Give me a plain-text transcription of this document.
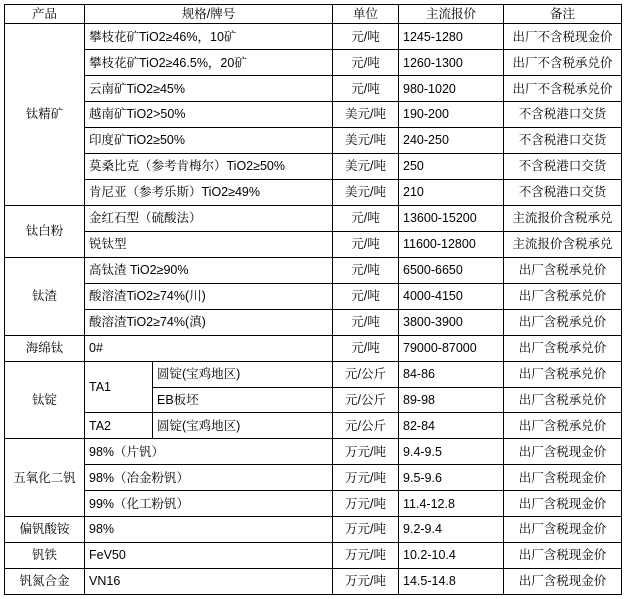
产品	规格/牌号		单位	主流报价	备注
钛精矿	攀枝花矿TiO2≥46%，10矿		元/吨	1245-1280	出厂不含税现金价
	攀枝花矿TiO2≥46.5%，20矿		元/吨	1260-1300	出厂不含税承兑价
	云南矿TiO2≥45%		元/吨	980-1020	出厂不含税承兑价
	越南矿TiO2>50%		美元/吨	190-200	不含税港口交货
	印度矿TiO2≥50%		美元/吨	240-250	不含税港口交货
	莫桑比克（参考肯梅尔）TiO2≥50%		美元/吨	250	不含税港口交货
	肯尼亚（参考乐斯）TiO2≥49%		美元/吨	210	不含税港口交货
钛白粉	金红石型（硫酸法）		元/吨	13600-15200	主流报价含税承兑
	锐钛型		元/吨	11600-12800	主流报价含税承兑
钛渣	高钛渣 TiO2≥90%		元/吨	6500-6650	出厂含税承兑价
	酸溶渣TiO2≥74%(川)		元/吨	4000-4150	出厂含税承兑价
	酸溶渣TiO2≥74%(滇)		元/吨	3800-3900	出厂含税承兑价
海绵钛	0#		元/吨	79000-87000	出厂含税承兑价
钛锭	TA1	圆锭(宝鸡地区)	元/公斤	84-86	出厂含税承兑价
		EB板坯	元/公斤	89-98	出厂含税承兑价
	TA2	圆锭(宝鸡地区)	元/公斤	82-84	出厂含税承兑价
五氧化二钒	98%（片钒）		万元/吨	9.4-9.5	出厂含税现金价
	98%（冶金粉钒）		万元/吨	9.5-9.6	出厂含税现金价
	99%（化工粉钒）		万元/吨	11.4-12.8	出厂含税现金价
偏钒酸铵	98%		万元/吨	9.2-9.4	出厂含税现金价
钒铁	FeV50		万元/吨	10.2-10.4	出厂含税现金价
钒氮合金	VN16		万元/吨	14.5-14.8	出厂含税现金价
